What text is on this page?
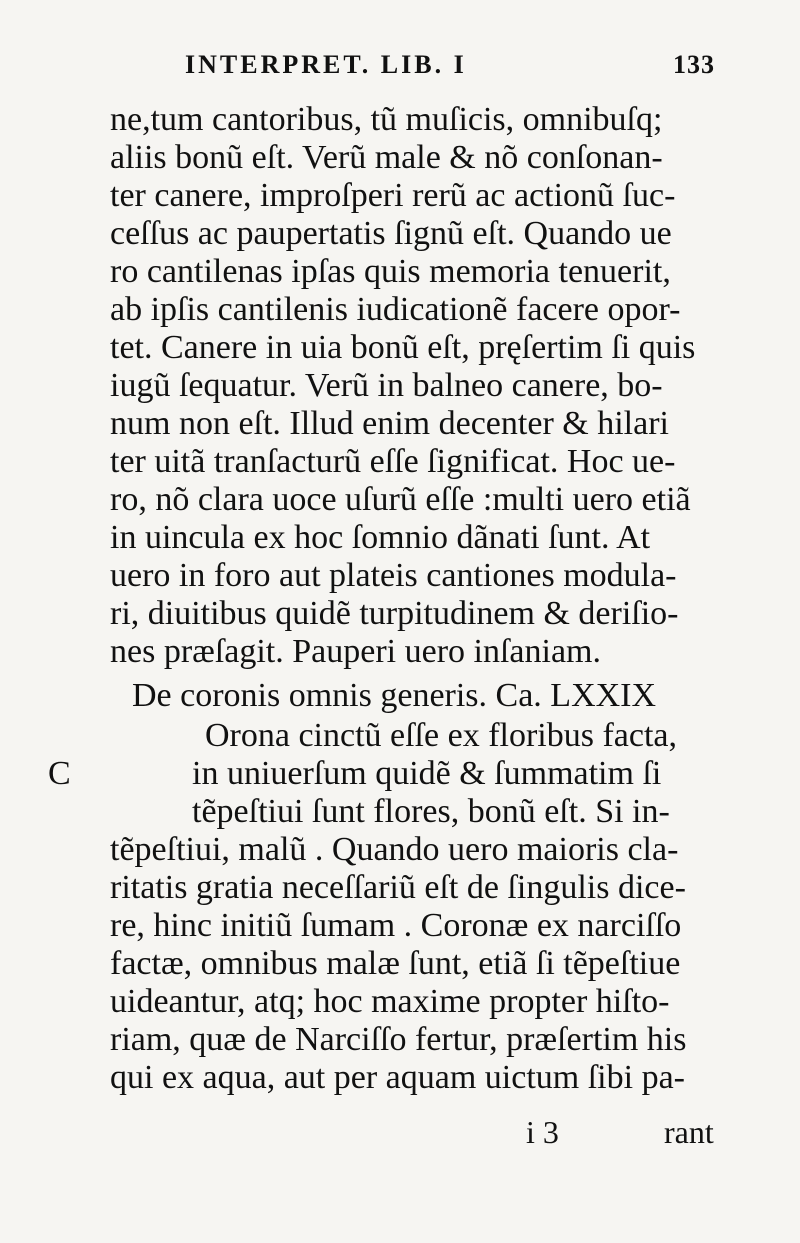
INTERPRET. LIB. I	133
ne,tum cantoribus, tũ muſicis, omnibuſq;
aliis bonũ eſt. Verũ male & nõ conſonan-
ter canere, improſperi rerũ ac actionũ ſuc-
ceſſus ac paupertatis ſignũ eſt. Quando ue
ro cantilenas ipſas quis memoria tenuerit,
ab ipſis cantilenis iudicationẽ facere opor-
tet. Canere in uia bonũ eſt, pręſertim ſi quis
iugũ ſequatur. Verũ in balneo canere, bo-
num non eſt. Illud enim decenter & hilari
ter uitã tranſacturũ eſſe ſignificat. Hoc ue-
ro, nõ clara uoce uſurũ eſſe :multi uero etiã
in uincula ex hoc ſomnio dãnati ſunt. At
uero in foro aut plateis cantiones modula-
ri, diuitibus quidẽ turpitudinem & deriſio-
nes præſagit. Pauperi uero inſaniam.
De coronis omnis generis. Ca. LXXIX
Orona cinctũ eſſe ex floribus facta,
in uniuerſum quidẽ & ſummatim ſi
tẽpeſtiui ſunt flores, bonũ eſt. Si in-
tẽpeſtiui, malũ . Quando uero maioris cla-
ritatis gratia neceſſariũ eſt de ſingulis dice-
re, hinc initiũ ſumam . Coronæ ex narciſſo
factæ, omnibus malæ ſunt, etiã ſi tẽpeſtiue
uideantur, atq; hoc maxime propter hiſto-
riam, quæ de Narciſſo fertur, præſertim his
qui ex aqua, aut per aquam uictum ſibi pa-
C
i 3	rant
